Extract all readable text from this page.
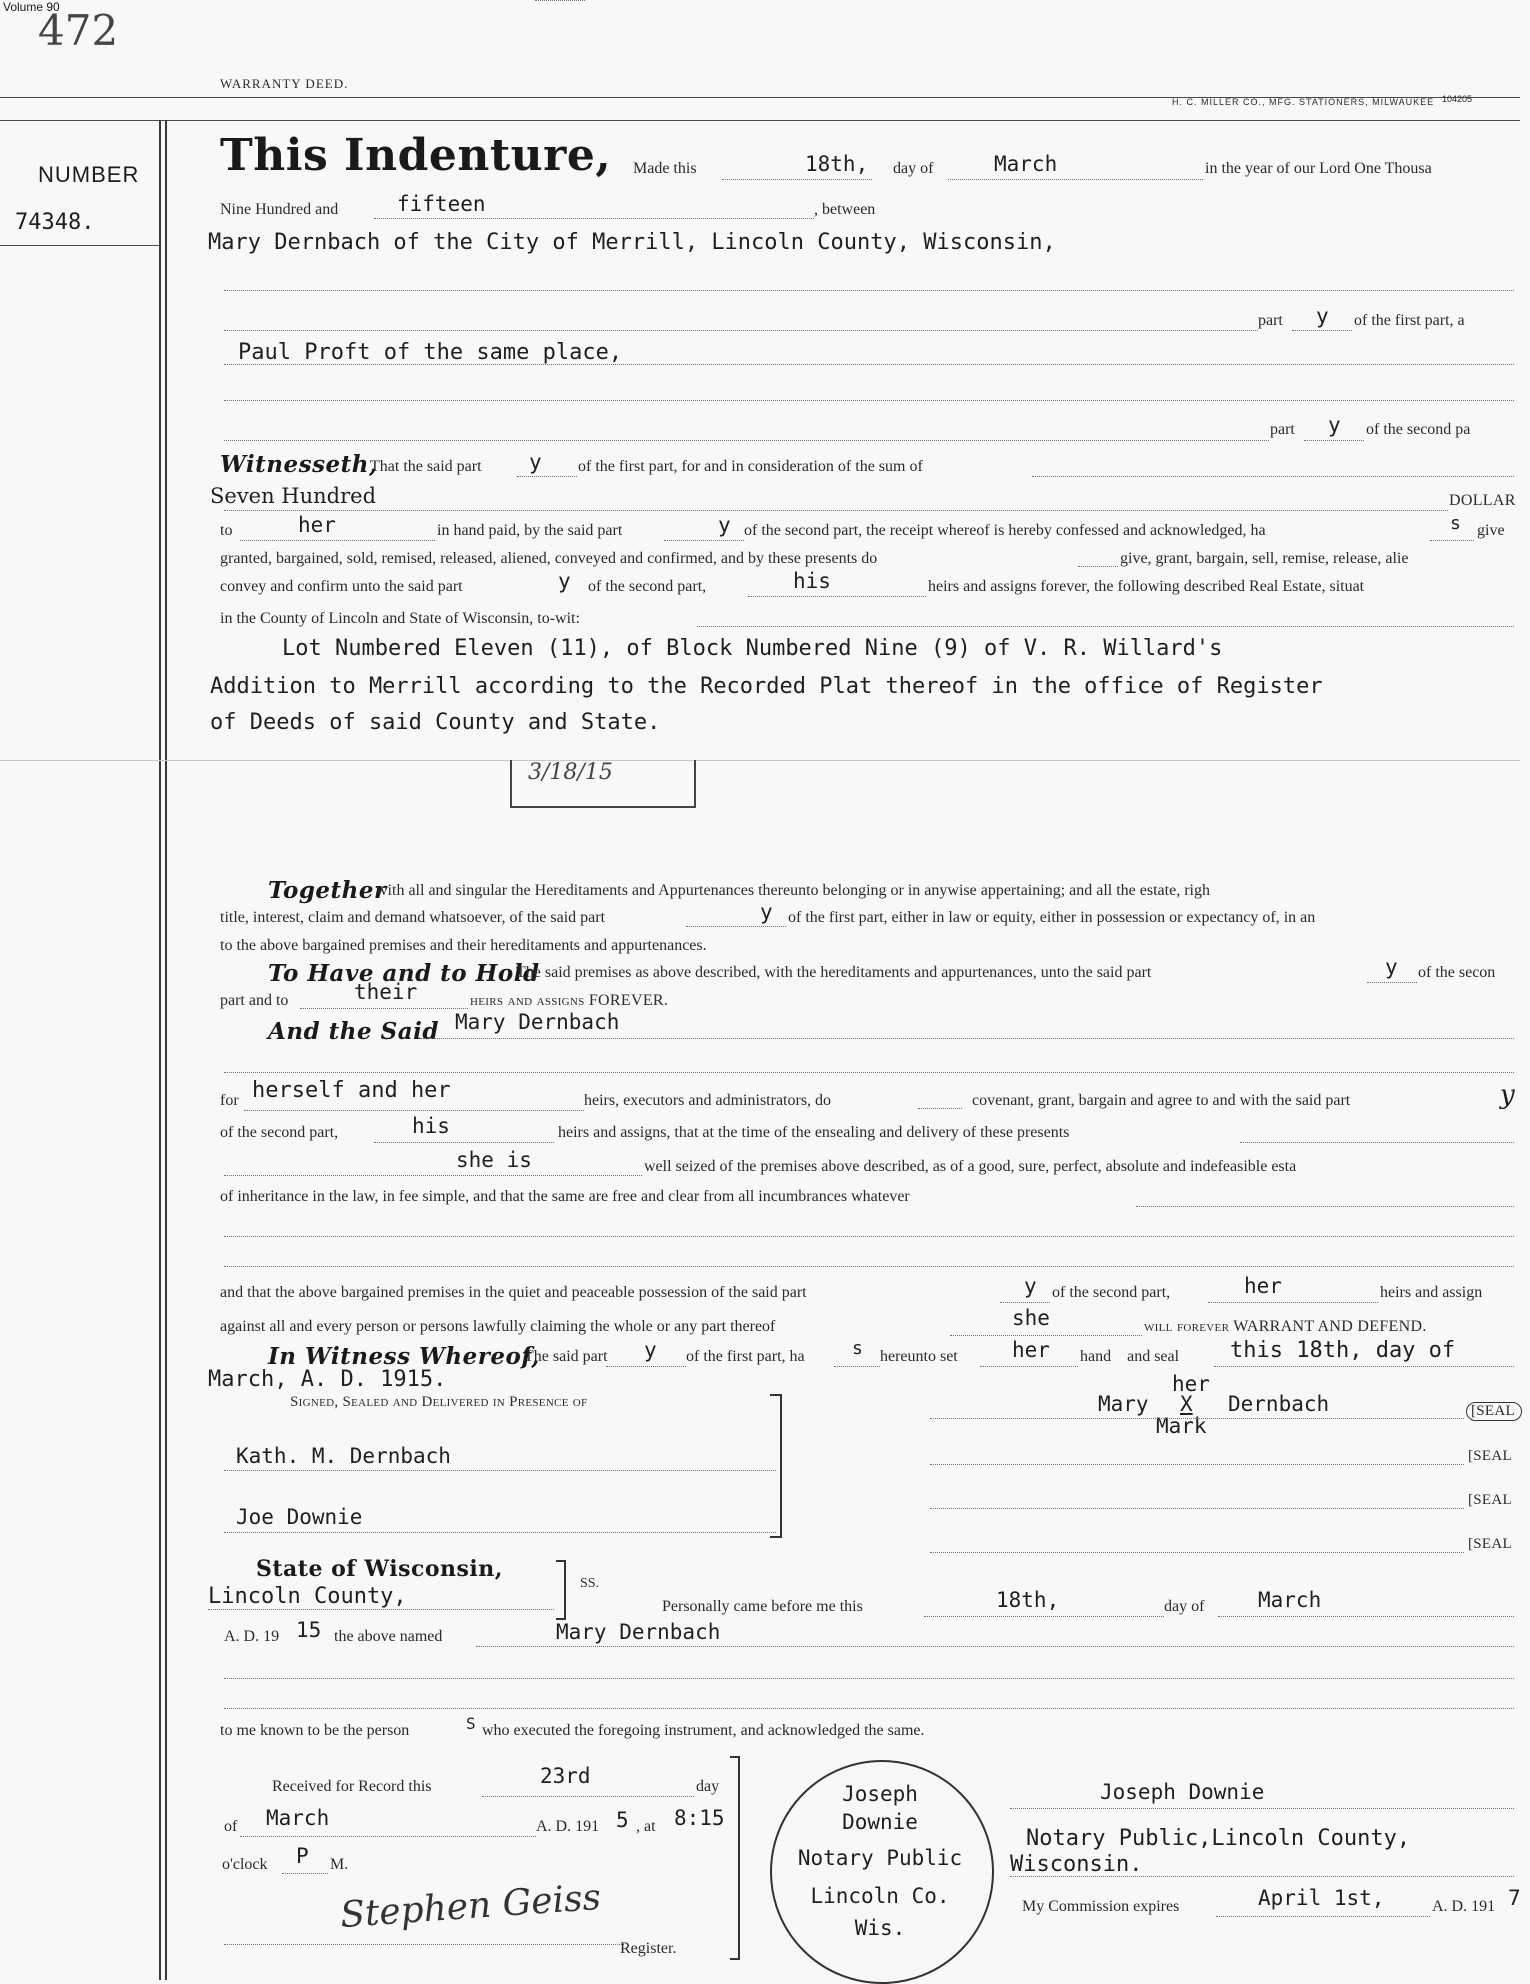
Volume 90
472
WARRANTY DEED.
H. C. MILLER CO., MFG. STATIONERS, MILWAUKEE 104205
NUMBER
74348.
This Indenture, Made this	18th, day of	March	in the year of our Lord One Thousa
Nine Hundred and	fifteen	, between
Mary Dernbach of the City of Merrill, Lincoln County, Wisconsin,
part y of the first part, a
Paul Proft of the same place,
part y of the second pa
Witnesseth,
That the said part y of the first part, for and in consideration of the sum of
Seven Hundred	DOLLAR
to	her	in hand paid, by the said part	y of the second part, the receipt whereof is hereby confessed and acknowledged, ha	s give
granted, bargained, sold, remised, released, aliened, conveyed and confirmed, and by these presents do	give, grant, bargain, sell, remise, release, alie
convey and confirm unto the said part	y of the second part,	his	heirs and assigns forever, the following described Real Estate, situat
in the County of Lincoln and State of Wisconsin, to-wit:
Lot Numbered Eleven (11), of Block Numbered Nine (9) of V. R. Willard's
Addition to Merrill according to the Recorded Plat thereof in the office of Register
of Deeds of said County and State.
3/18/15
Together
with all and singular the Hereditaments and Appurtenances thereunto belonging or in anywise appertaining; and all the estate, righ
title, interest, claim and demand whatsoever, of the said part	y of the first part, either in law or equity, either in possession or expectancy of, in an
to the above bargained premises and their hereditaments and appurtenances.
To Have and to Hold
The said premises as above described, with the hereditaments and appurtenances, unto the said part	y of the secon
part and to	their	heirs and assigns FOREVER.
And the Said Mary Dernbach
for herself and her	heirs, executors and administrators, do	covenant, grant, bargain and agree to and with the said part	y
of the second part,	his	heirs and assigns, that at the time of the ensealing and delivery of these presents
she is	well seized of the premises above described, as of a good, sure, perfect, absolute and indefeasible esta
of inheritance in the law, in fee simple, and that the same are free and clear from all incumbrances whatever
and that the above bargained premises in the quiet and peaceable possession of the said part	y of the second part,	her	heirs and assign
against all and every person or persons lawfully claiming the whole or any part thereof	she	will forever WARRANT AND DEFEND.
In Witness Whereof,
The said part y of the first part, ha	s hereunto set	her hand    and seal this 18th, day of
March, A. D. 1915.
Signed, Sealed and Delivered in Presence of
Kath. M. Dernbach
Joe Downie
her
Mary X Dernbach
Mark
[SEAL
[SEAL
[SEAL
[SEAL
State of Wisconsin,
Lincoln County,
SS.
Personally came before me this	18th,	day of	March
A. D. 19 15 the above named	Mary Dernbach
to me known to be the person	S who executed the foregoing instrument, and acknowledged the same.
Received for Record this	23rd	day
of March	A. D. 191 5 , at 8:15
o'clock P M.
Stephen Geiss
Register.
Joseph
Downie
Notary Public
Lincoln Co.
Wis.
Joseph Downie
Notary Public,Lincoln County,
Wisconsin.
My Commission expires	April 1st,	A. D. 191 7
